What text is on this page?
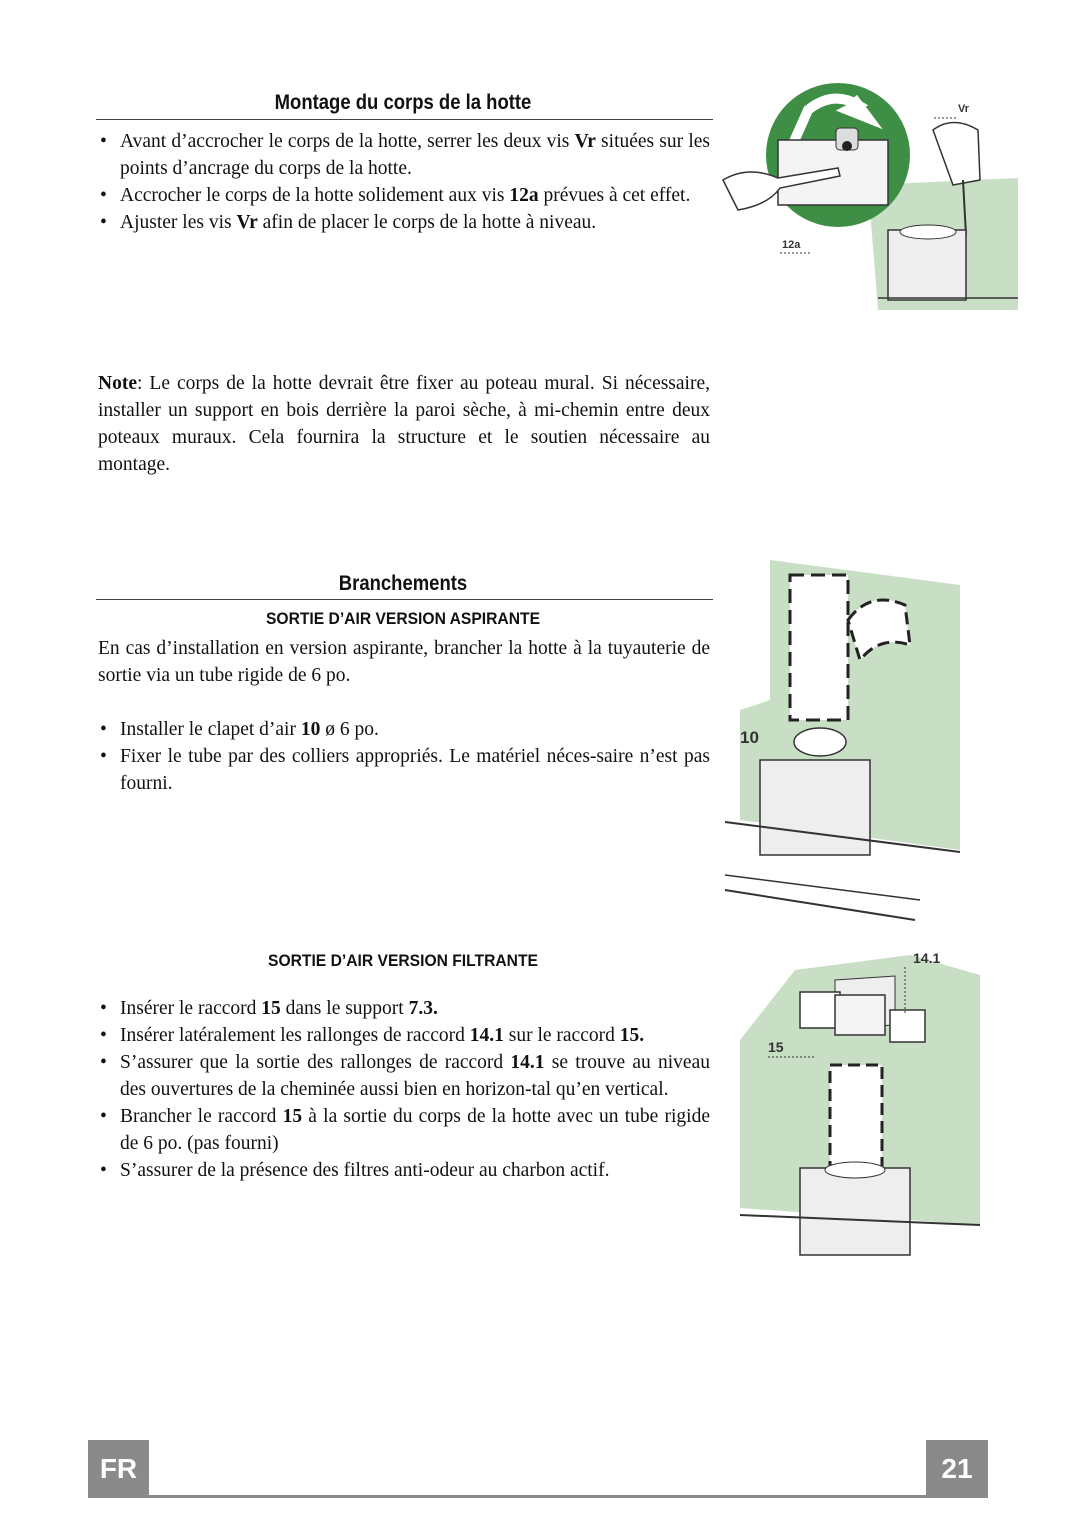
Montage du corps de la hotte
• Avant d’accrocher le corps de la hotte, serrer les deux vis Vr situées sur les points d’ancrage du corps de la hotte.
• Accrocher le corps de la hotte solidement aux vis 12a prévues à cet effet.
• Ajuster les vis Vr afin de placer le corps de la hotte à niveau.

Note: Le corps de la hotte devrait être fixer au poteau mural. Si nécessaire, installer un support en bois derrière la paroi sèche, à mi-chemin entre deux poteaux muraux. Cela fournira la structure et le soutien nécessaire au montage.

Vr
12a
Branchements
SORTIE D’AIR VERSION ASPIRANTE

En cas d’installation en version aspirante, brancher la hotte à la tuyauterie de sortie via un tube rigide de 6 po.

• Installer le clapet d’air 10 ø 6 po.
• Fixer le tube par des colliers appropriés. Le matériel néces-saire n’est pas fourni.
10
SORTIE D’AIR VERSION FILTRANTE
• Insérer le raccord 15 dans le support 7.3.
• Insérer latéralement les rallonges de raccord 14.1 sur le raccord 15.
• S’assurer que la sortie des rallonges de raccord 14.1 se trouve au niveau des ouvertures de la cheminée aussi bien en horizon-tal qu’en vertical.
• Brancher le raccord 15 à la sortie du corps de la hotte avec un tube rigide de 6 po. (pas fourni)
• S’assurer de la présence des filtres anti-odeur au charbon actif.
14.1
15
FR	21
